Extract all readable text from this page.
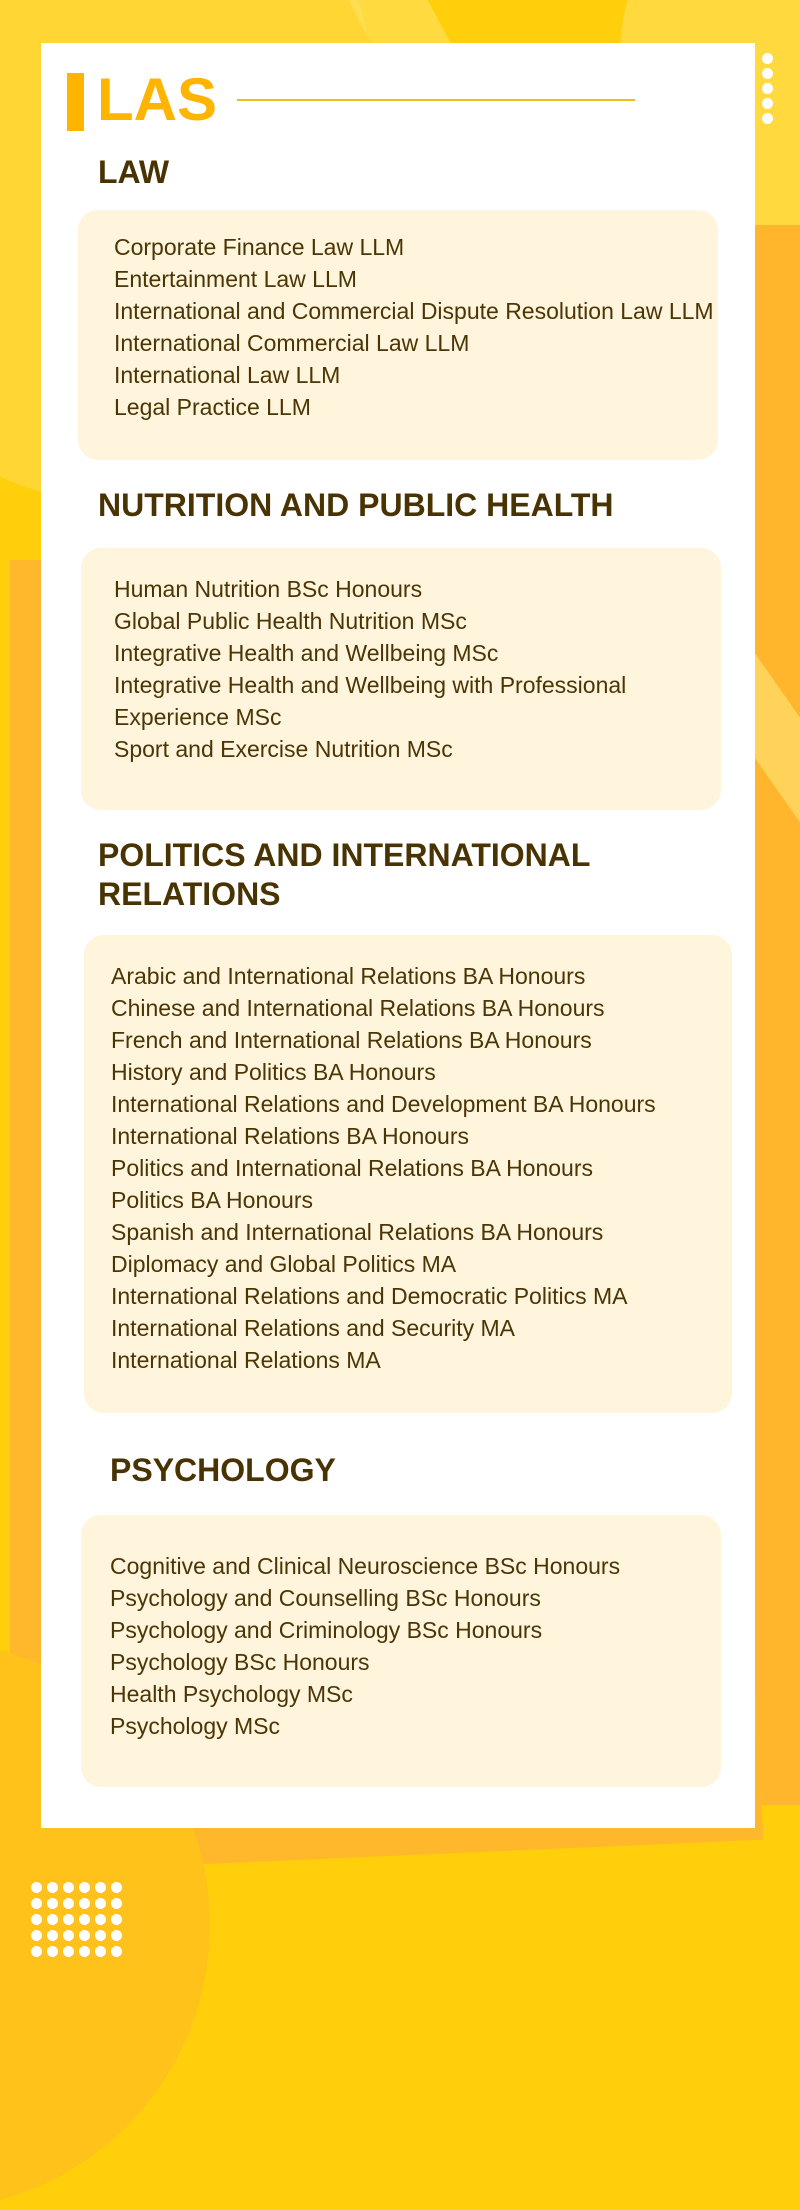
LAS
LAW
Corporate Finance Law LLM
Entertainment Law LLM
International and Commercial Dispute Resolution Law LLM
International Commercial Law LLM
International Law LLM
Legal Practice LLM
NUTRITION AND PUBLIC HEALTH
Human Nutrition BSc Honours
Global Public Health Nutrition MSc
Integrative Health and Wellbeing MSc
Integrative Health and Wellbeing with Professional Experience MSc
Sport and Exercise Nutrition MSc
POLITICS AND INTERNATIONAL RELATIONS
Arabic and International Relations BA Honours
Chinese and International Relations BA Honours
French and International Relations BA Honours
History and Politics BA Honours
International Relations and Development BA Honours
International Relations BA Honours
Politics and International Relations BA Honours
Politics BA Honours
Spanish and International Relations BA Honours
Diplomacy and Global Politics MA
International Relations and Democratic Politics MA
International Relations and Security MA
International Relations MA
PSYCHOLOGY
Cognitive and Clinical Neuroscience BSc Honours
Psychology and Counselling BSc Honours
Psychology and Criminology BSc Honours
Psychology BSc Honours
Health Psychology MSc
Psychology MSc
